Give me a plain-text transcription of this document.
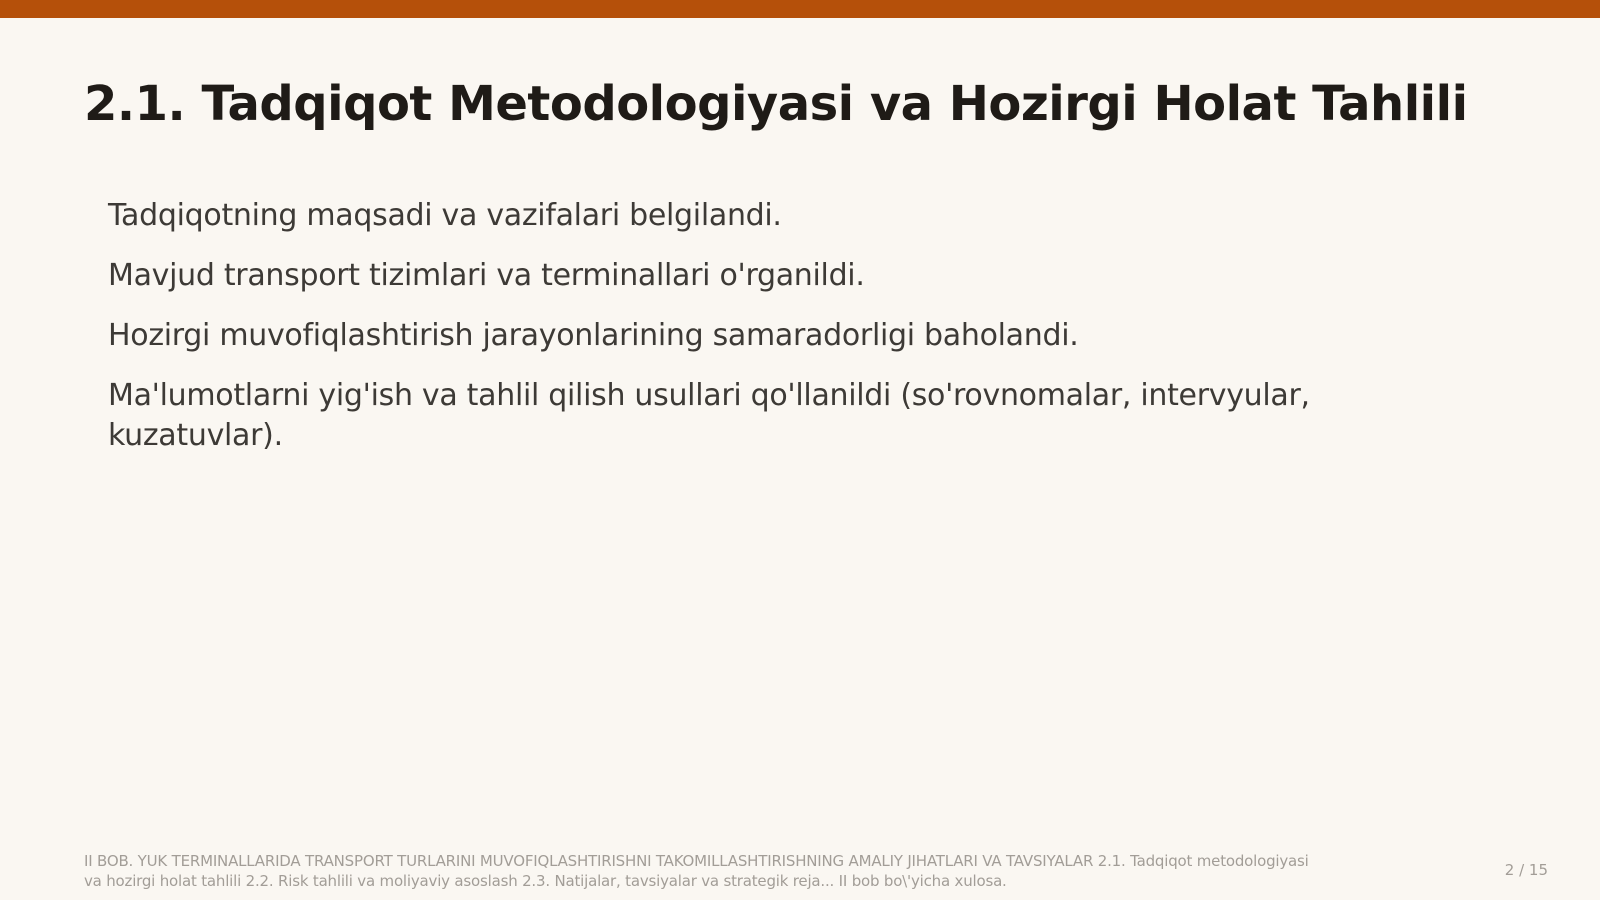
2.1. Tadqiqot Metodologiyasi va Hozirgi Holat Tahlili
Tadqiqotning maqsadi va vazifalari belgilandi.
Mavjud transport tizimlari va terminallari o'rganildi.
Hozirgi muvofiqlashtirish jarayonlarining samaradorligi baholandi.
Ma'lumotlarni yig'ish va tahlil qilish usullari qo'llanildi (so'rovnomalar, intervyular, kuzatuvlar).
II BOB. YUK TERMINALLARIDA TRANSPORT TURLARINI MUVOFIQLASHTIRISHNI TAKOMILLASHTIRISHNING AMALIY JIHATLARI VA TAVSIYALAR 2.1. Tadqiqot metodologiyasi va hozirgi holat tahlili 2.2. Risk tahlili va moliyaviy asoslash 2.3. Natijalar, tavsiyalar va strategik reja... II bob bo\'yicha xulosa.
2 / 15
